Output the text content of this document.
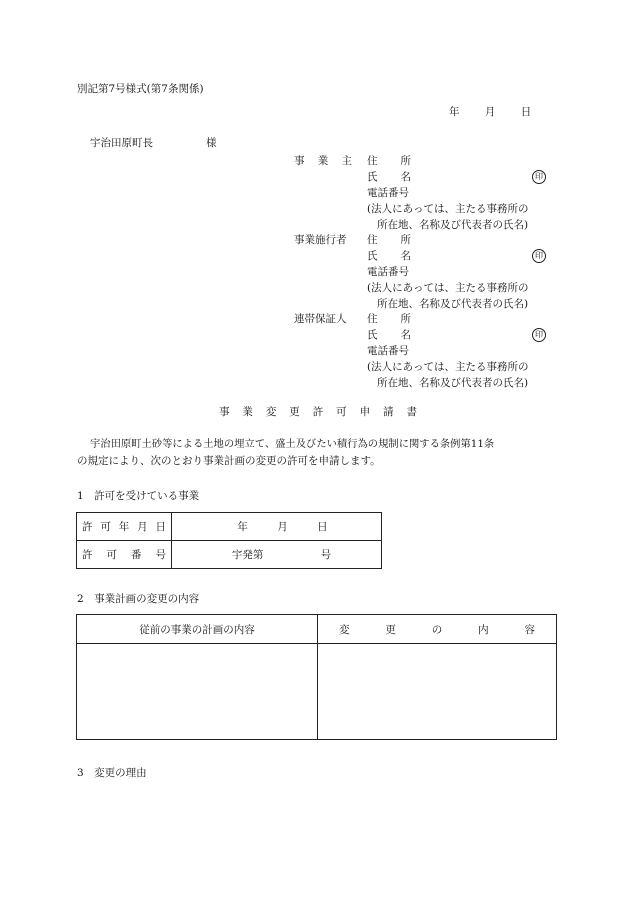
別記第7号様式(第7条関係)
年 月 日
宇治田原町長	様
事業主 住所
氏名	印
電話番号
(法人にあっては、主たる事務所の
所在地、名称及び代表者の氏名)
事業施行者 住所
氏名	印
電話番号
(法人にあっては、主たる事務所の
所在地、名称及び代表者の氏名)
連帯保証人 住所
氏名	印
電話番号
(法人にあっては、主たる事務所の
所在地、名称及び代表者の氏名)
事業変更許可申請書
宇治田原町土砂等による土地の埋立て、盛土及びたい積行為の規制に関する条例第11条
の規定により、次のとおり事業計画の変更の許可を申請します。
1　許可を受けている事業
許可年月日	年 月 日
許可番号	宇発第 号
2　事業計画の変更の内容
従前の事業の計画の内容	変更の内容

3　変更の理由
